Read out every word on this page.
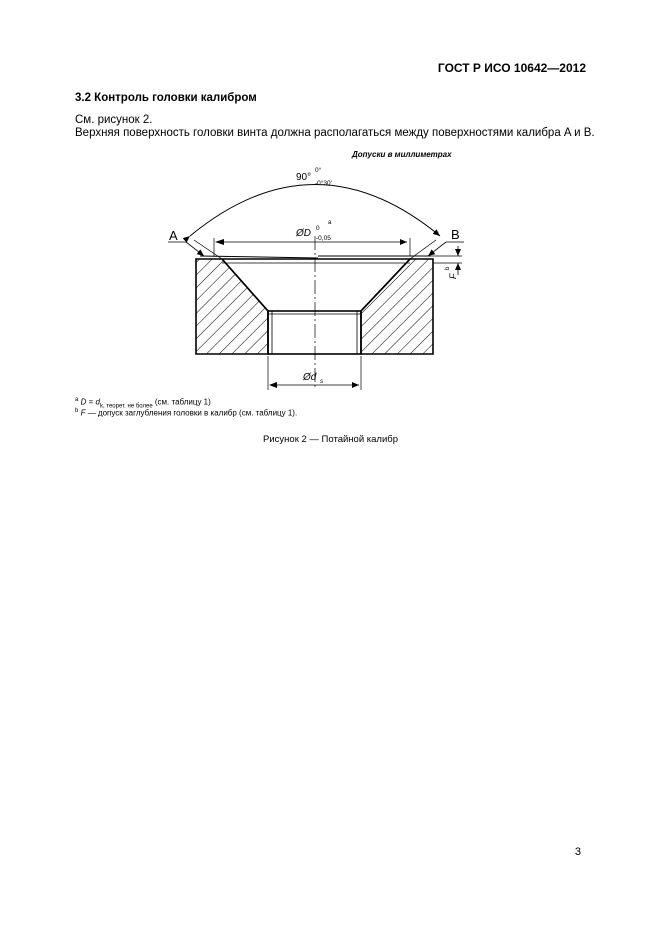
ГОСТ Р ИСО 10642—2012
3.2 Контроль головки калибром
См. рисунок 2.
Верхняя поверхность головки винта должна располагаться между поверхностями калибра A и B.
Допуски в миллиметрах
90°
0°
-0°30'
ØD 0
-0,05
a
A	B
F
b
Ød s
$^a$ $D = d_{k, теорет. не более}$ (см. таблицу 1)
$^b$ F — допуск заглубления головки в калибр (см. таблицу 1).
Рисунок 2 — Потайной калибр
3
